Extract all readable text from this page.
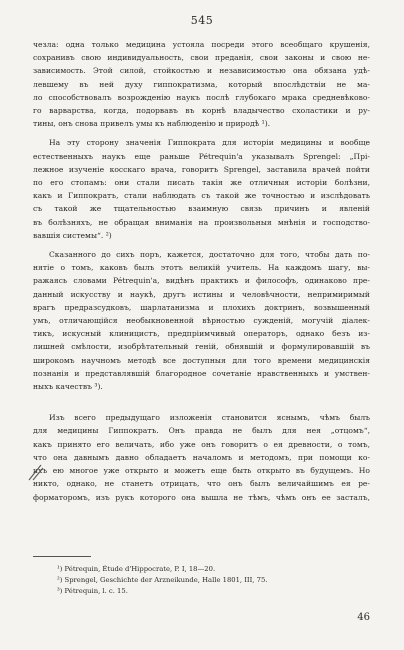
545
чезла: одна только медицина устояла посреди этого всеобщаго крушенія,
сохранивъ свою индивидуальность, свои преданія, свои законы и свою не-
зависимость. Этой силой, стойкостью и независимостью она обязана удѣ-
левшему въ ней духу гиппократизма, который впослѣдствіи не ма-
ло способствовалъ возрожденію наукъ послѣ глубокаго мрака средневѣково-
го варварства, когда, подорвавъ въ корнѣ владычество схоластики и ру-
тины, онъ снова привелъ умы къ наблюденію и природѣ ¹).
На эту сторону значенія Гиппократа для исторіи медицины и вообще
естественныхъ наукъ еще раньше Pétrequin'а указывалъ Sprengel: „Прі-
лежное изученіе косскаго врача, говоритъ Sprengel, заставила врачей пойти
по его стопамъ: они стали писать такія же отличныя исторіи болѣзни,
какъ и Гиппократъ, стали наблюдать съ такой же точностью и изслѣдовать
съ такой же тщательностью взаимную связь причинъ и явленій
въ болѣзняхъ, не обращая вниманія на произвольныя мнѣнія и господство-
вавшія системы“. ²)
Сказанного до сихъ поръ, кажется, достаточно для того, чтобы дать по-
нятіе о томъ, каковъ былъ этотъ великій учитель. На каждомъ шагу, вы-
ражаясь словами Pétrequin'а, видѣнъ практикъ и философъ, одинаково пре-
данный искусству и наукѣ, другъ истины и человѣчности, непримиримый
врагъ предразсудковъ, шарлатанизма и плохихъ доктринъ, возвышенный
умъ, отличающійся необыкновенной вѣрностью сужденій, могучій діалек-
тикъ, искусный клиницистъ, предпріимчивый операторъ, однако безъ из-
лишней смѣлости, изобрѣтательный геній, обнявшій и формулировавшій въ
широкомъ научномъ методѣ все доступныя для того времени медицинскія
познанія и представлявшій благородное сочетаніе нравственныхъ и умствен-
ныхъ качествъ ³).
Изъ всего предыдущаго изложенія становится яснымъ, чѣмъ былъ
для медицины Гиппократъ. Онъ правда не былъ для нея „отцомъ“,
какъ принято его величать, ибо уже онъ говоритъ о ея древности, о томъ,
что она давнымъ давно обладаетъ началомъ и методомъ, при помощи ко-
ихъ ею многое уже открыто и можетъ еще быть открыто въ будущемъ. Но
никто, однако, не станетъ отрицать, что онъ былъ величайшимъ ея ре-
форматоромъ, изъ рукъ которого она вышла не тѣмъ, чѣмъ онъ ее засталъ,
¹) Pétrequin, Étude d'Hippocrate, P. I, 18—20.
²) Sprengel, Geschichte der Arzneikunde, Halle 1801, III, 75.
³) Pétrequin, l. c. 15.
46
